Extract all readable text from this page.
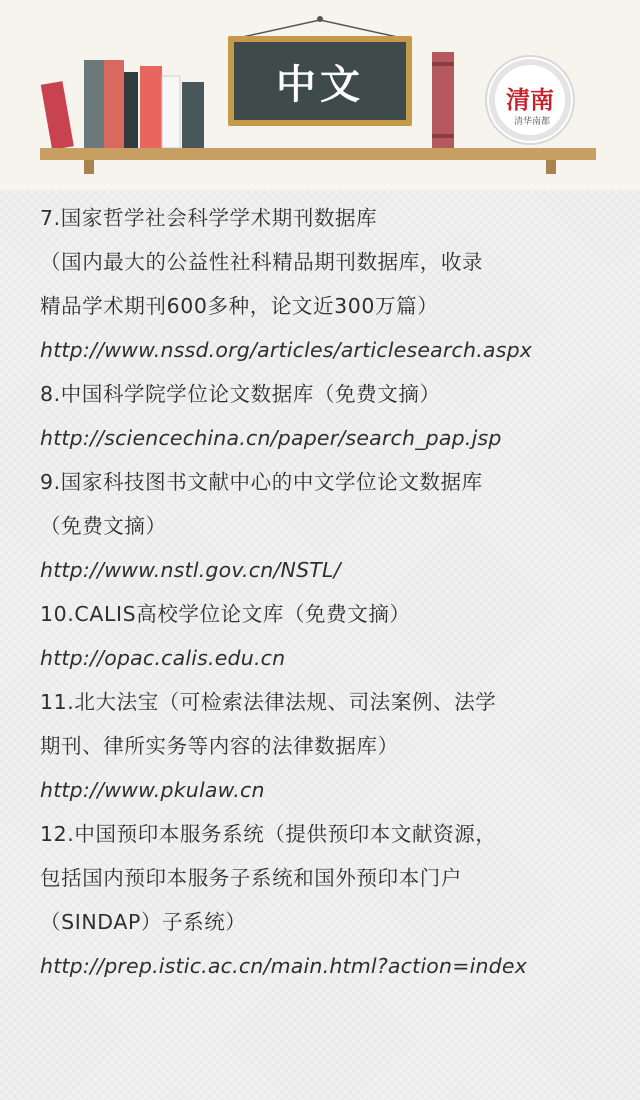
中文	清南
清华南都
7.国家哲学社会科学学术期刊数据库
（国内最大的公益性社科精品期刊数据库，收录
精品学术期刊600多种，论文近300万篇）
http://www.nssd.org/articles/articlesearch.aspx
8.中国科学院学位论文数据库（免费文摘）
http://sciencechina.cn/paper/search_pap.jsp
9.国家科技图书文献中心的中文学位论文数据库
（免费文摘）
http://www.nstl.gov.cn/NSTL/
10.CALIS高校学位论文库（免费文摘）
http://opac.calis.edu.cn
11.北大法宝（可检索法律法规、司法案例、法学
期刊、律所实务等内容的法律数据库）
http://www.pkulaw.cn
12.中国预印本服务系统（提供预印本文献资源，
包括国内预印本服务子系统和国外预印本门户
（SINDAP）子系统）
http://prep.istic.ac.cn/main.html?action=index
